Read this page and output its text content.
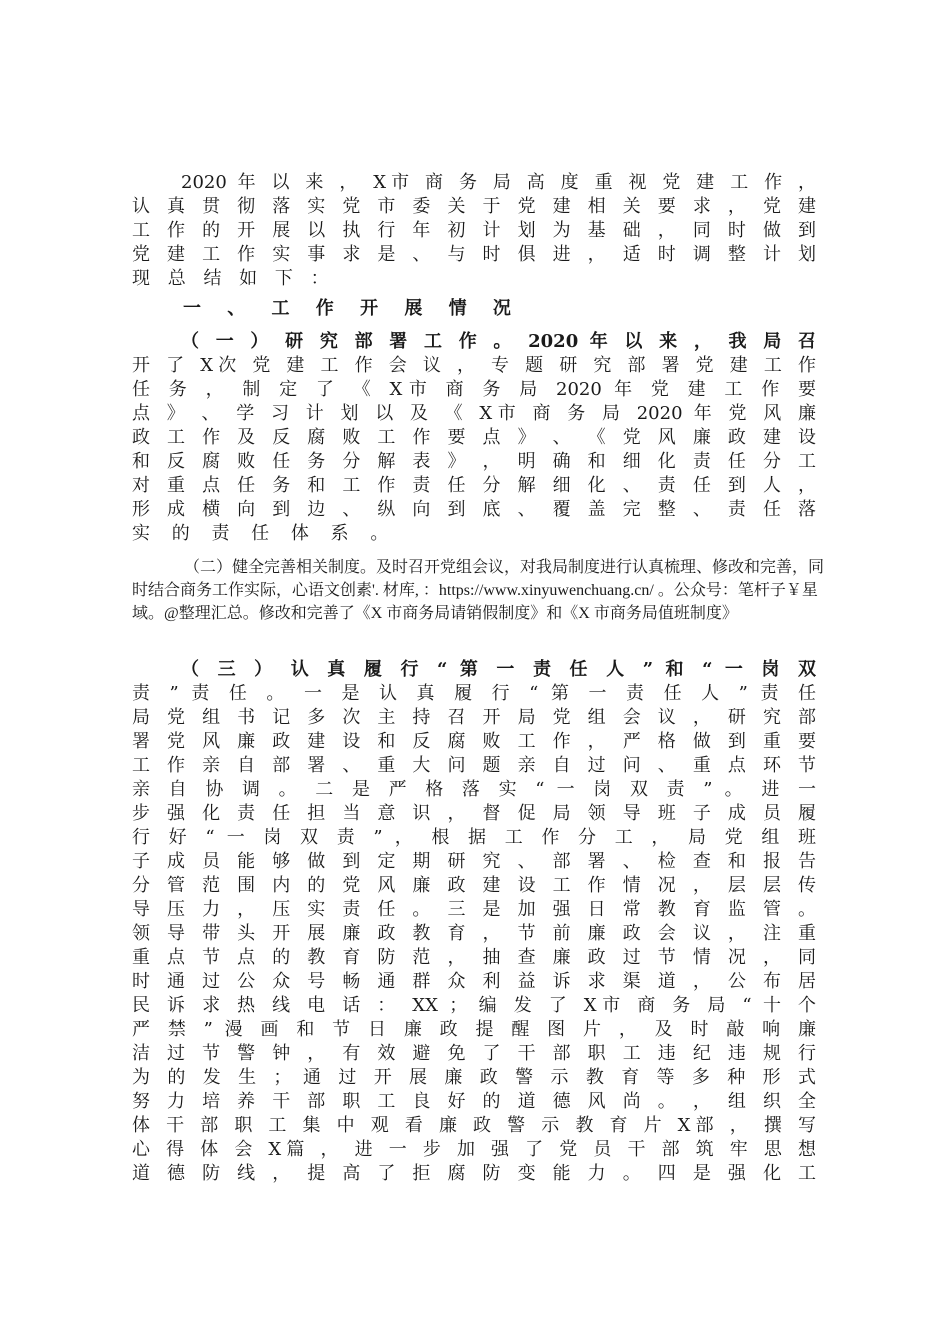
2020 年 以 来 ， X市 商 务 局 高 度 重 视 党 建 工 作 ，
认 真 贯 彻 落 实 党 市 委 关 于 党 建 相 关 要 求 ， 党 建
工 作 的 开 展 以 执 行 年 初 计 划 为 基 础 ， 同 时 做 到
党 建 工 作 实 事 求 是 、 与 时 俱 进 ， 适 时 调 整 计 划
现 总 结 如 下 ：
一 、 工 作 开 展 情 况
（ 一 ） 研 究 部 署 工 作 。 2020 年 以 来 ， 我 局 召
开 了 X次 党 建 工 作 会 议 ， 专 题 研 究 部 署 党 建 工 作
任 务 ， 制 定 了 《 X市 商 务 局 2020 年 党 建 工 作 要
点 》 、 学 习 计 划 以 及 《 X市 商 务 局 2020 年 党 风 廉
政 工 作 及 反 腐 败 工 作 要 点 》 、 《 党 风 廉 政 建 设
和 反 腐 败 任 务 分 解 表 》 ， 明 确 和 细 化 责 任 分 工
对 重 点 任 务 和 工 作 责 任 分 解 细 化 、 责 任 到 人 ，
形 成 横 向 到 边 、 纵 向 到 底 、 覆 盖 完 整 、 责 任 落
实 的 责 任 体 系 。
（二）健全完善相关制度。及时召开党组会议，对我局制度进行认真梳理、修改和完善，同时结合商务工作实际，心语文创素'. 材库, ：https://www.xinyuwenchuang.cn/ 。公众号：笔杆子￥星域。@整理汇总。修改和完善了《X 市商务局请销假制度》和《X 市商务局值班制度》
（ 三 ） 认 真 履 行 “ 第 一 责 任 人 ” 和 “ 一 岗 双
责 ” 责 任 。 一 是 认 真 履 行 “ 第 一 责 任 人 ” 责 任
局 党 组 书 记 多 次 主 持 召 开 局 党 组 会 议 ， 研 究 部
署 党 风 廉 政 建 设 和 反 腐 败 工 作 ， 严 格 做 到 重 要
工 作 亲 自 部 署 、 重 大 问 题 亲 自 过 问 、 重 点 环 节
亲 自 协 调 。 二 是 严 格 落 实 “ 一 岗 双 责 ” 。 进 一
步 强 化 责 任 担 当 意 识 ， 督 促 局 领 导 班 子 成 员 履
行 好 “ 一 岗 双 责 ” ， 根 据 工 作 分 工 ， 局 党 组 班
子 成 员 能 够 做 到 定 期 研 究 、 部 署 、 检 查 和 报 告
分 管 范 围 内 的 党 风 廉 政 建 设 工 作 情 况 ， 层 层 传
导 压 力 ， 压 实 责 任 。 三 是 加 强 日 常 教 育 监 管 。
领 导 带 头 开 展 廉 政 教 育 ， 节 前 廉 政 会 议 ， 注 重
重 点 节 点 的 教 育 防 范 ， 抽 查 廉 政 过 节 情 况 ， 同
时 通 过 公 众 号 畅 通 群 众 利 益 诉 求 渠 道 ， 公 布 居
民 诉 求 热 线 电 话 ： XX ； 编 发 了 X市 商 务 局 “ 十 个
严 禁 ” 漫 画 和 节 日 廉 政 提 醒 图 片 ， 及 时 敲 响 廉
洁 过 节 警 钟 ， 有 效 避 免 了 干 部 职 工 违 纪 违 规 行
为 的 发 生 ； 通 过 开 展 廉 政 警 示 教 育 等 多 种 形 式
努 力 培 养 干 部 职 工 良 好 的 道 德 风 尚 。 ， 组 织 全
体 干 部 职 工 集 中 观 看 廉 政 警 示 教 育 片 X部 ， 撰 写
心 得 体 会 X篇 ， 进 一 步 加 强 了 党 员 干 部 筑 牢 思 想
道 德 防 线 ， 提 高 了 拒 腐 防 变 能 力 。 四 是 强 化 工
